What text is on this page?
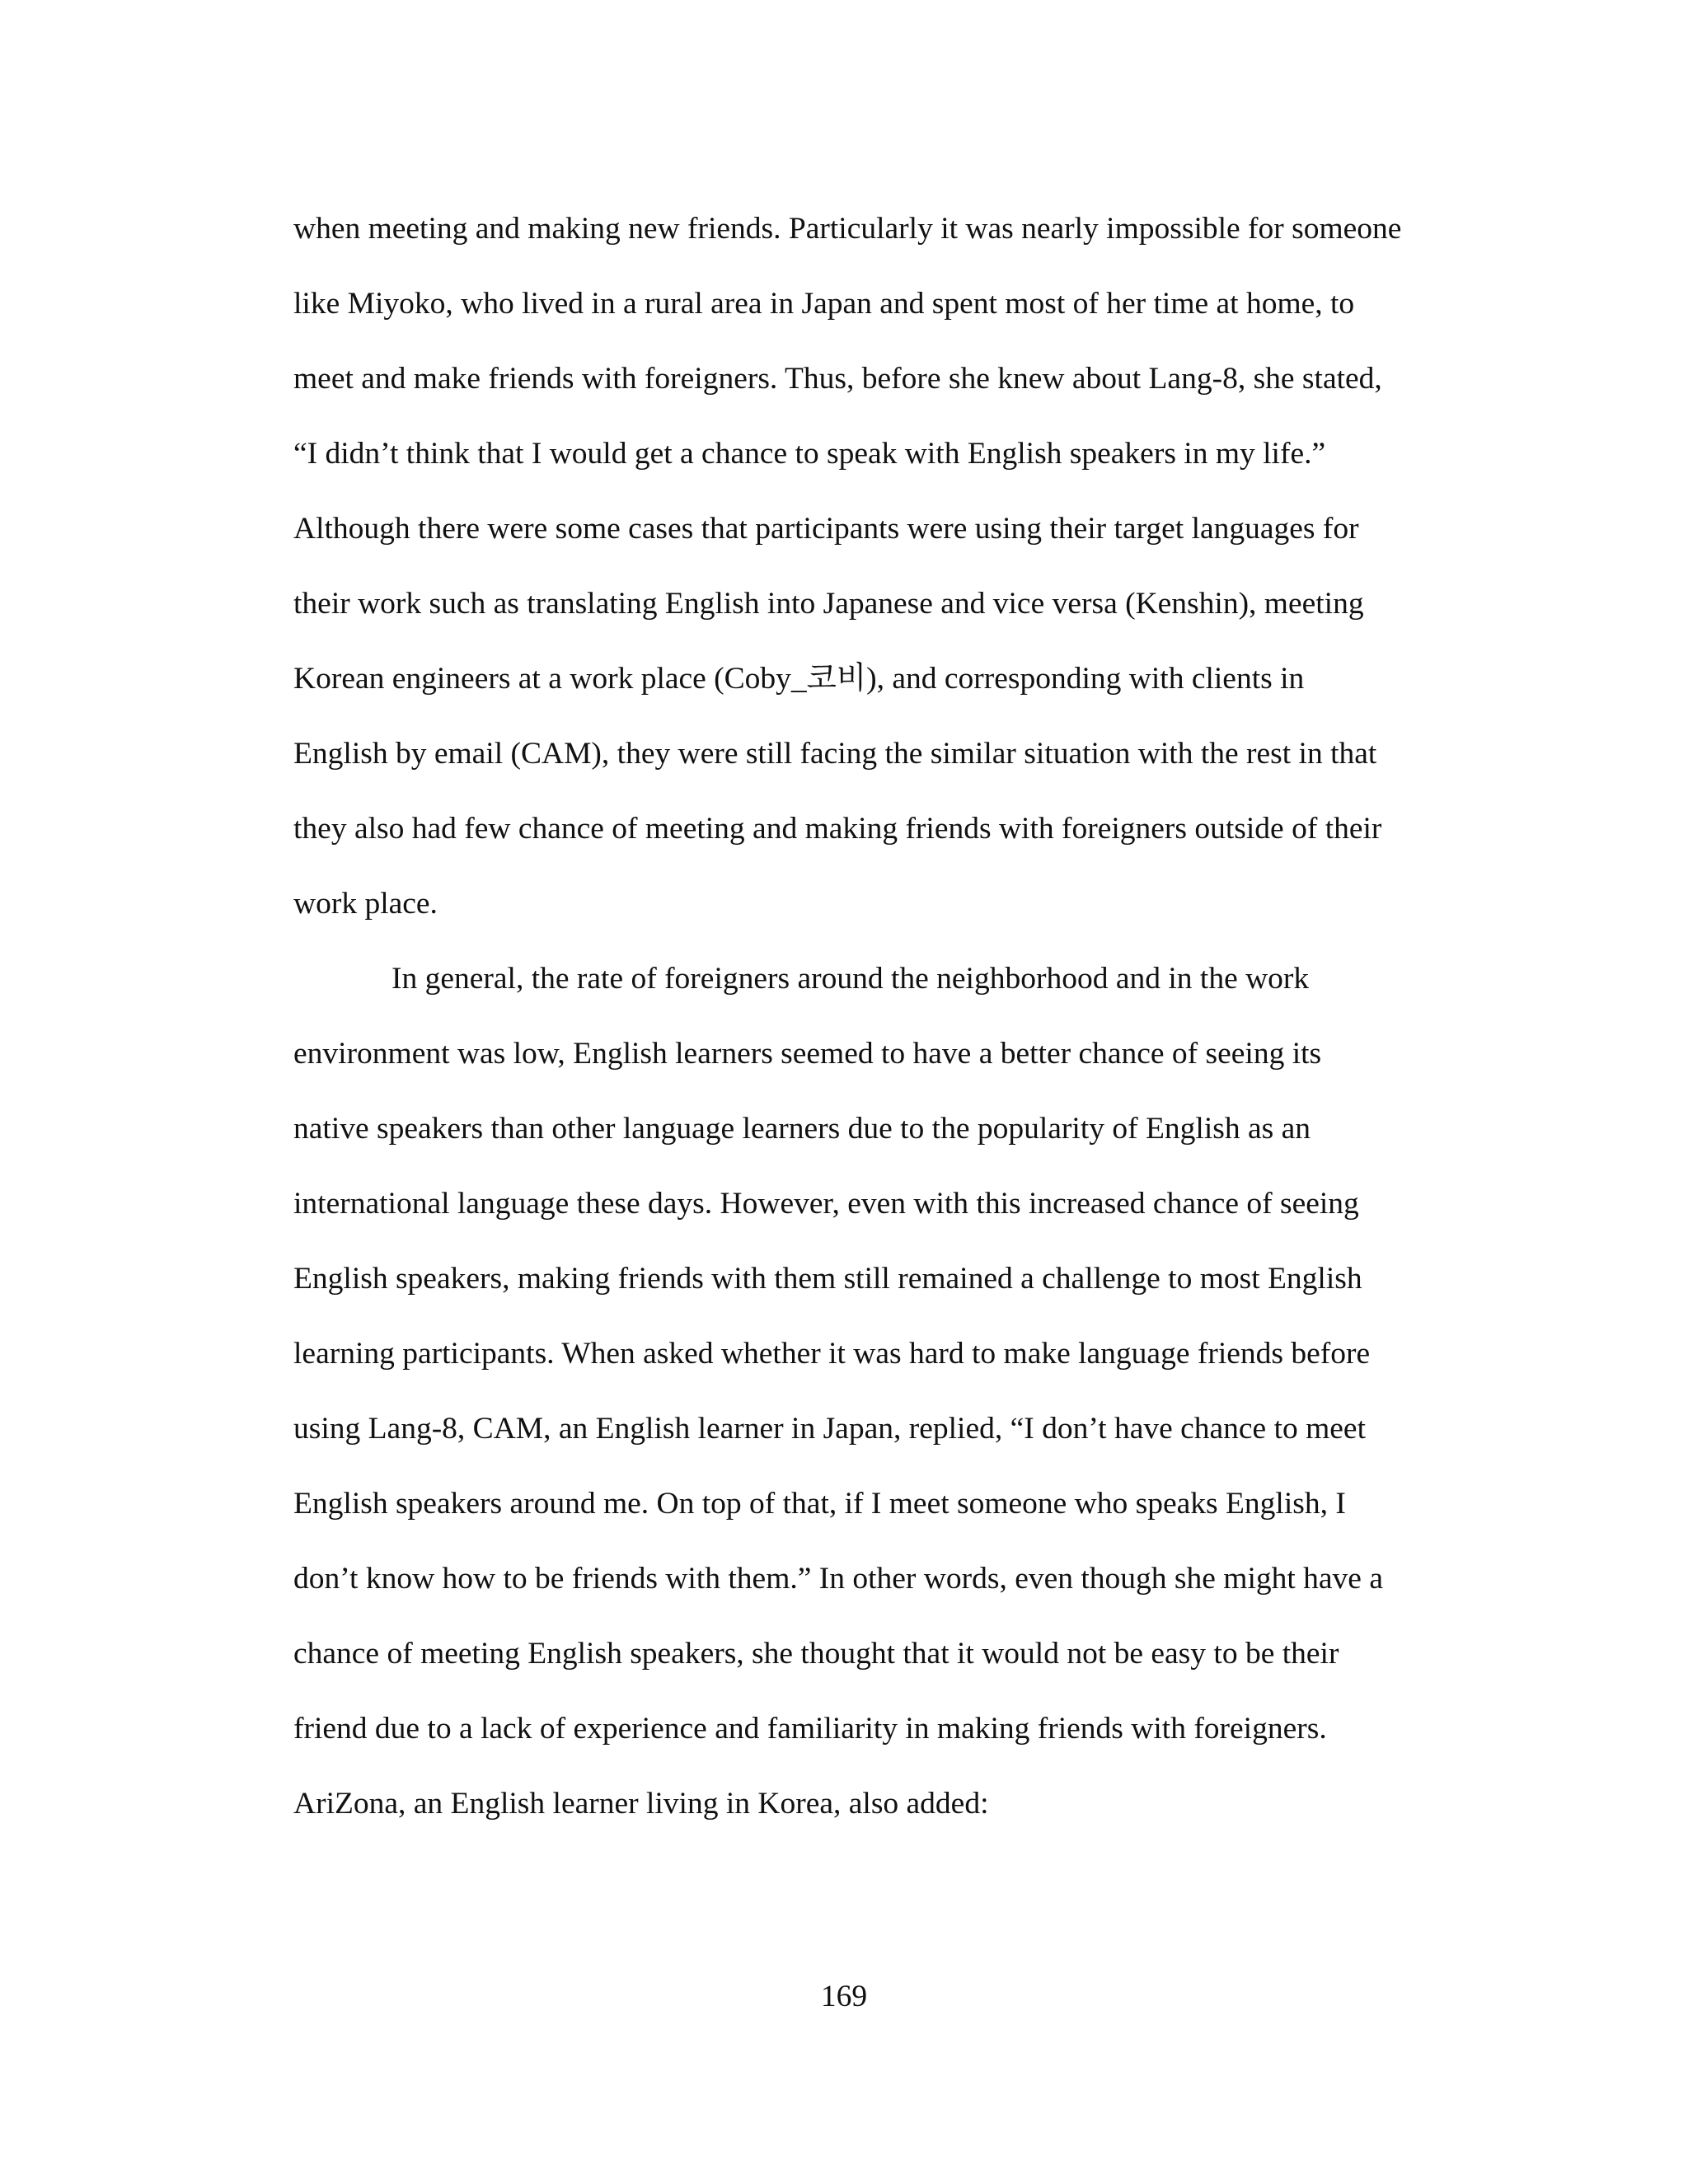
when meeting and making new friends. Particularly it was nearly impossible for someone
like Miyoko, who lived in a rural area in Japan and spent most of her time at home, to
meet and make friends with foreigners. Thus, before she knew about Lang-8, she stated,
“I didn’t think that I would get a chance to speak with English speakers in my life.”
Although there were some cases that participants were using their target languages for
their work such as translating English into Japanese and vice versa (Kenshin), meeting
Korean engineers at a work place (Coby_코비), and corresponding with clients in
English by email (CAM), they were still facing the similar situation with the rest in that
they also had few chance of meeting and making friends with foreigners outside of their
work place.
In general, the rate of foreigners around the neighborhood and in the work
environment was low, English learners seemed to have a better chance of seeing its
native speakers than other language learners due to the popularity of English as an
international language these days. However, even with this increased chance of seeing
English speakers, making friends with them still remained a challenge to most English
learning participants. When asked whether it was hard to make language friends before
using Lang-8, CAM, an English learner in Japan, replied, “I don’t have chance to meet
English speakers around me. On top of that, if I meet someone who speaks English, I
don’t know how to be friends with them.” In other words, even though she might have a
chance of meeting English speakers, she thought that it would not be easy to be their
friend due to a lack of experience and familiarity in making friends with foreigners.
AriZona, an English learner living in Korea, also added:
169
